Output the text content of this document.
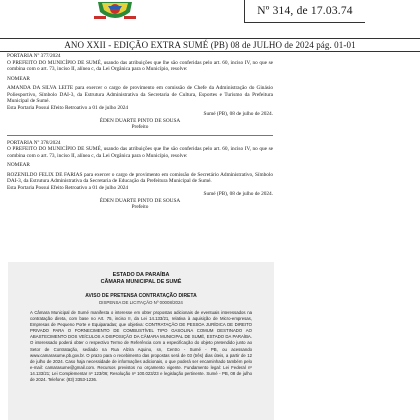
Nº 314, de 17.03.74
ANO XXII - EDIÇÃO EXTRA SUMÉ (PB) 08 de JULHO de 2024 pág. 01-01

PORTARIA Nº 377/2024

O PREFEITO DO MUNICÍPIO DE SUMÉ, usando das atribuições que lhe são conferidas pelo art. 60, inciso IV, no que se combina com o art. 73, inciso II, alínea c, da Lei Orgânica para o Município, resolve:

NOMEAR

AMANDA DA SILVA LEITE para exercer o cargo de provimento em comissão de Chefe da Administração do Ginásio Poliesportivo, Símbolo DAI-3, da Estrutura Administrativa da Secretaria de Cultura, Esportes e Turismo da Prefeitura Municipal de Sumé.

Esta Portaria Possui Efeito Retroativo a 01 de julho 2024

Sumé (PB), 08 de julho de 2024.

ÉDEN DUARTE PINTO DE SOUSA

Prefeito

PORTARIA Nº 378/2024

O PREFEITO DO MUNICÍPIO DE SUMÉ, usando das atribuições que lhe são conferidas pelo art. 60, inciso IV, no que se combina com o art. 73, inciso II, alínea c, da Lei Orgânica para o Município, resolve:

NOMEAR

ROZENILDO FELIX DE FARIAS para exercer o cargo de provimento em comissão de Secretário Administrativo, Símbolo DAI-3, da Estrutura Administrativa da Secretaria de Educação da Prefeitura Municipal de Sumé.

Esta Portaria Possui Efeito Retroativo a 01 de julho 2024

Sumé (PB), 08 de julho de 2024.

ÉDEN DUARTE PINTO DE SOUSA

Prefeito

ESTADO DA PARAÍBA
CÂMARA MUNICIPAL DE SUMÉ
AVISO DE PRETENSA CONTRATAÇÃO DIRETA
DISPENSA DE LICITAÇÃO Nº 00008/2024
A Câmara Municipal de Sumé manifesta o interesse em obter propostas adicionais de eventuais interessados na contratação direta, com base no Art. 75, inciso II, da Lei 14.133/21, relativa à aquisição de Micro-empresas, Empresas de Pequeno Porte e Equiparadas; que objetiva: CONTRATAÇÃO DE PESSOA JURÍDICA DE DIREITO PRIVADO PARA O FORNECIMENTO DE COMBUSTÍVEL TIPO GASOLINA COMUM DESTINADO AO ABASTECIMENTO DOS VEÍCULOS A DISPOSIÇÃO DA CÂMARA MUNICIPAL DE SUMÉ, ESTADO DA PARAÍBA. O interessado poderá obter o respectivo Termo de Referência com a especificação do objeto pretendido junto ao Setor de Contratação, sediado na Rua Alzira Aquino, sn, Centro - Sumé - PB, ou acessando www.camarasume.pb.gov.br. O prazo para o recebimento das propostas será de 03 (três) dias úteis, a partir de 12 de julho de 2024. Caso haja necessidade de informações adicionais, o que poderá ser encaminhado também pelo e-mail: camarasume@gmail.com. Recursos previstos no orçamento vigente. Fundamento legal: Lei Federal nº 14.133/21; Lei Complementar nº 123/06; Resolução nº 100.023/23 e legislação pertinente. Sumé - PB, 08 de julho de 2024. Telefone: (83) 3353-1236.
